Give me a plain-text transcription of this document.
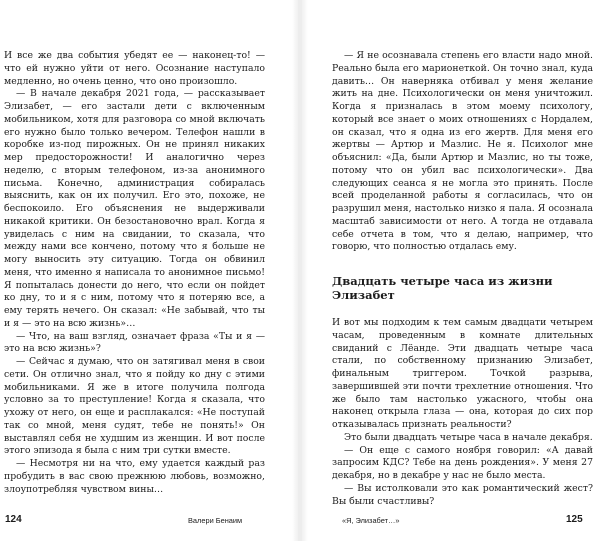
И все же два события убедят ее — наконец-то! — что ей нужно уйти от него. Осознание наступало медленно, но очень ценно, что оно произошло.

— В начале декабря 2021 года, — рассказывает Элизабет, — его застали дети с включенным мобильником, хотя для разговора со мной включать его нужно было только вечером. Телефон нашли в коробке из-под пирожных. Он не принял никаких мер предосторожности! И аналогично через неделю, с вторым телефоном, из-за анонимного письма. Конечно, администрация собиралась выяснить, как он их получил. Его это, похоже, не беспокоило. Его объяснения не выдерживали никакой критики. Он безостановочно врал. Когда я увиделась с ним на свидании, то сказала, что между нами все кончено, потому что я больше не могу выносить эту ситуацию. Тогда он обвинил меня, что именно я написала то анонимное письмо! Я попыталась донести до него, что если он пойдет ко дну, то и я с ним, потому что я потеряю все, а ему терять нечего. Он сказал: «Не забывай, что ты и я — это на всю жизнь»…

— Что, на ваш взгляд, означает фраза «Ты и я — это на всю жизнь»?

— Сейчас я думаю, что он затягивал меня в свои сети. Он отлично знал, что я пойду ко дну с этими мобильниками. Я же в итоге получила полгода условно за то преступление! Когда я сказала, что ухожу от него, он еще и расплакался: «Не поступай так со мной, меня судят, тебе не понять!» Он выставлял себя не худшим из женщин. И вот после этого эпизода я была с ним три сутки вместе.

— Несмотря ни на что, ему удается каждый раз пробудить в вас свою прежнюю любовь, возможно, злоупотребляя чувством вины…

124	Валери Бенаим

— Я не осознавала степень его власти надо мной. Реально была его марионеткой. Он точно знал, куда давить… Он наверняка отбивал у меня желание жить на дне. Психологически он меня уничтожил. Когда я призналась в этом моему психологу, который все знает о моих отношениях с Нордалем, он сказал, что я одна из его жертв. Для меня его жертвы — Артюр и Мазлис. Не я. Психолог мне объяснил: «Да, были Артюр и Мазлис, но ты тоже, потому что он убил вас психологически». Два следующих сеанса я не могла это принять. После всей проделанной работы я согласилась, что он разрушил меня, настолько низко я пала. Я осознала масштаб зависимости от него. А тогда не отдавала себе отчета в том, что я делаю, например, что говорю, что полностью отдалась ему.

Двадцать четыре часа из жизни Элизабет

И вот мы подходим к тем самым двадцати четырем часам, проведенным в комнате длительных свиданий с Лёанде. Эти двадцать четыре часа стали, по собственному признанию Элизабет, финальным триггером. Точкой разрыва, завершившей эти почти трехлетние отношения. Что же было там настолько ужасного, чтобы она наконец открыла глаза — она, которая до сих пор отказывалась признать реальности?

Это были двадцать четыре часа в начале декабря.

— Он еще с самого ноября говорил: «А давай запросим КДС? Тебе на день рождения». У меня 27 декабря, но в декабре у нас не было места.

— Вы истолковали это как романтический жест? Вы были счастливы?

«Я, Элизабет…»	125
